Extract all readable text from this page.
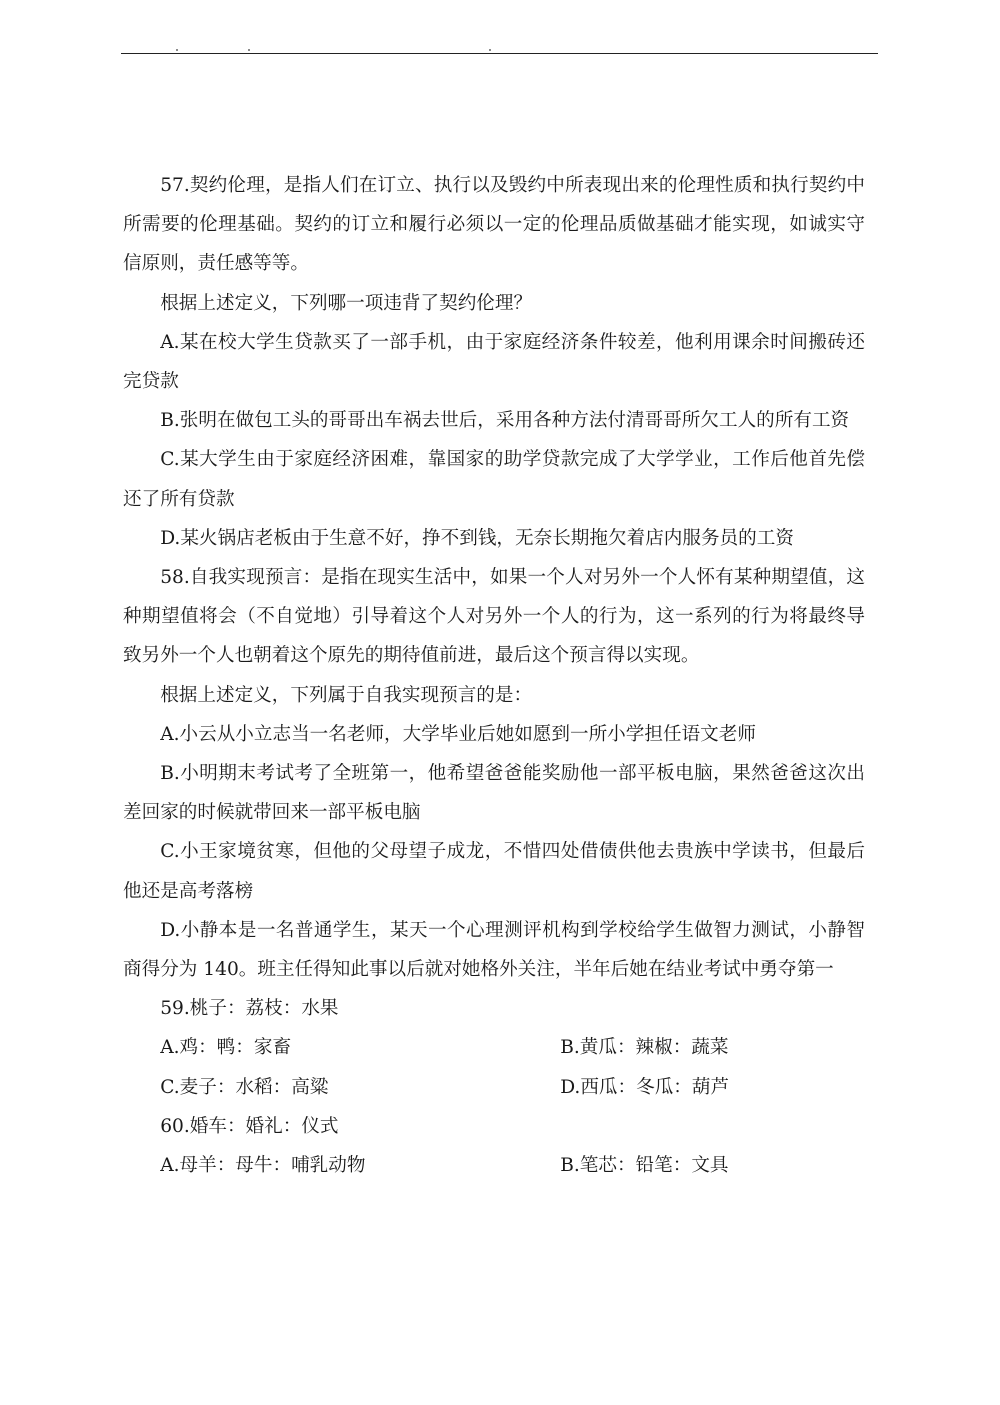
57.契约伦理，是指人们在订立、执行以及毁约中所表现出来的伦理性质和执行契约中所需要的伦理基础。契约的订立和履行必须以一定的伦理品质做基础才能实现，如诚实守信原则，责任感等等。

根据上述定义，下列哪一项违背了契约伦理？

A.某在校大学生贷款买了一部手机，由于家庭经济条件较差，他利用课余时间搬砖还完贷款

B.张明在做包工头的哥哥出车祸去世后，采用各种方法付清哥哥所欠工人的所有工资

C.某大学生由于家庭经济困难，靠国家的助学贷款完成了大学学业，工作后他首先偿还了所有贷款

D.某火锅店老板由于生意不好，挣不到钱，无奈长期拖欠着店内服务员的工资

58.自我实现预言：是指在现实生活中，如果一个人对另外一个人怀有某种期望值，这种期望值将会（不自觉地）引导着这个人对另外一个人的行为，这一系列的行为将最终导致另外一个人也朝着这个原先的期待值前进，最后这个预言得以实现。

根据上述定义，下列属于自我实现预言的是：

A.小云从小立志当一名老师，大学毕业后她如愿到一所小学担任语文老师

B.小明期末考试考了全班第一，他希望爸爸能奖励他一部平板电脑，果然爸爸这次出差回家的时候就带回来一部平板电脑

C.小王家境贫寒，但他的父母望子成龙，不惜四处借债供他去贵族中学读书，但最后他还是高考落榜

D.小静本是一名普通学生，某天一个心理测评机构到学校给学生做智力测试，小静智商得分为 140。班主任得知此事以后就对她格外关注，半年后她在结业考试中勇夺第一

59.桃子：荔枝：水果

A.鸡：鸭：家畜	B.黄瓜：辣椒：蔬菜
C.麦子：水稻：高粱	D.西瓜：冬瓜：葫芦

60.婚车：婚礼：仪式

A.母羊：母牛：哺乳动物	B.笔芯：铅笔：文具
